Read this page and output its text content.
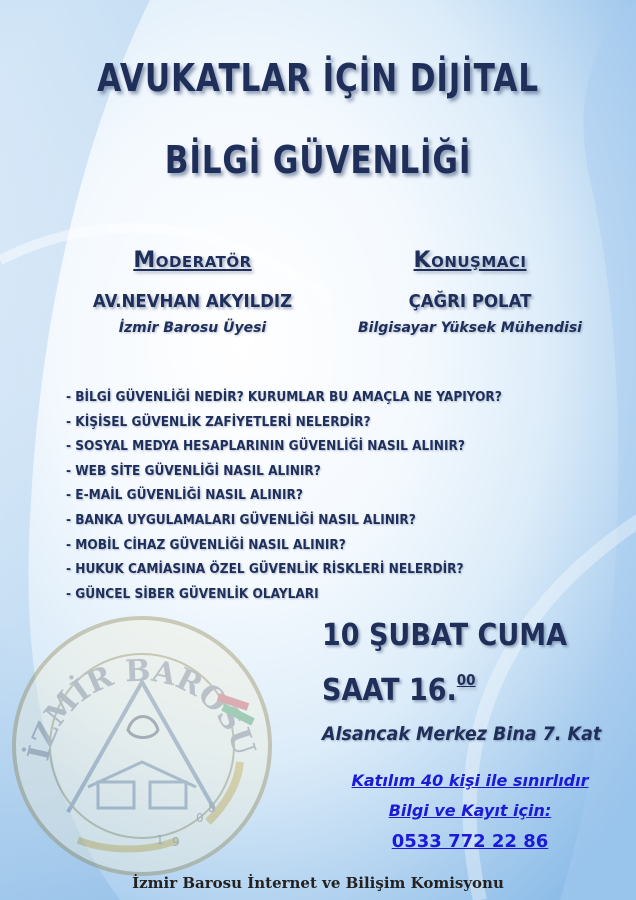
AVUKATLAR İÇİN DİJİTAL
BİLGİ GÜVENLİĞİ
Moderatör
AV.NEVHAN AKYILDIZ
İzmir Barosu Üyesi
Konuşmacı
ÇAĞRI POLAT
Bilgisayar Yüksek Mühendisi
- BİLGİ GÜVENLİĞİ NEDİR? KURUMLAR BU AMAÇLA NE YAPIYOR?
- KİŞİSEL GÜVENLİK ZAFİYETLERİ NELERDİR?
- SOSYAL MEDYA HESAPLARININ GÜVENLİĞİ NASIL ALINIR?
- WEB SİTE GÜVENLİĞİ NASIL ALINIR?
- E-MAİL GÜVENLİĞİ NASIL ALINIR?
- BANKA UYGULAMALARI GÜVENLİĞİ NASIL ALINIR?
- MOBİL CİHAZ GÜVENLİĞİ NASIL ALINIR?
- HUKUK CAMİASINA ÖZEL GÜVENLİK RİSKLERİ NELERDİR?
- GÜNCEL SİBER GÜVENLİK OLAYLARI
İZMİR BAROSU
1 9
0
8
10 ŞUBAT CUMA
SAAT 16.00
Alsancak Merkez Bina 7. Kat
Katılım 40 kişi ile sınırlıdır
Bilgi ve Kayıt için:
0533 772 22 86
İzmir Barosu İnternet ve Bilişim Komisyonu
